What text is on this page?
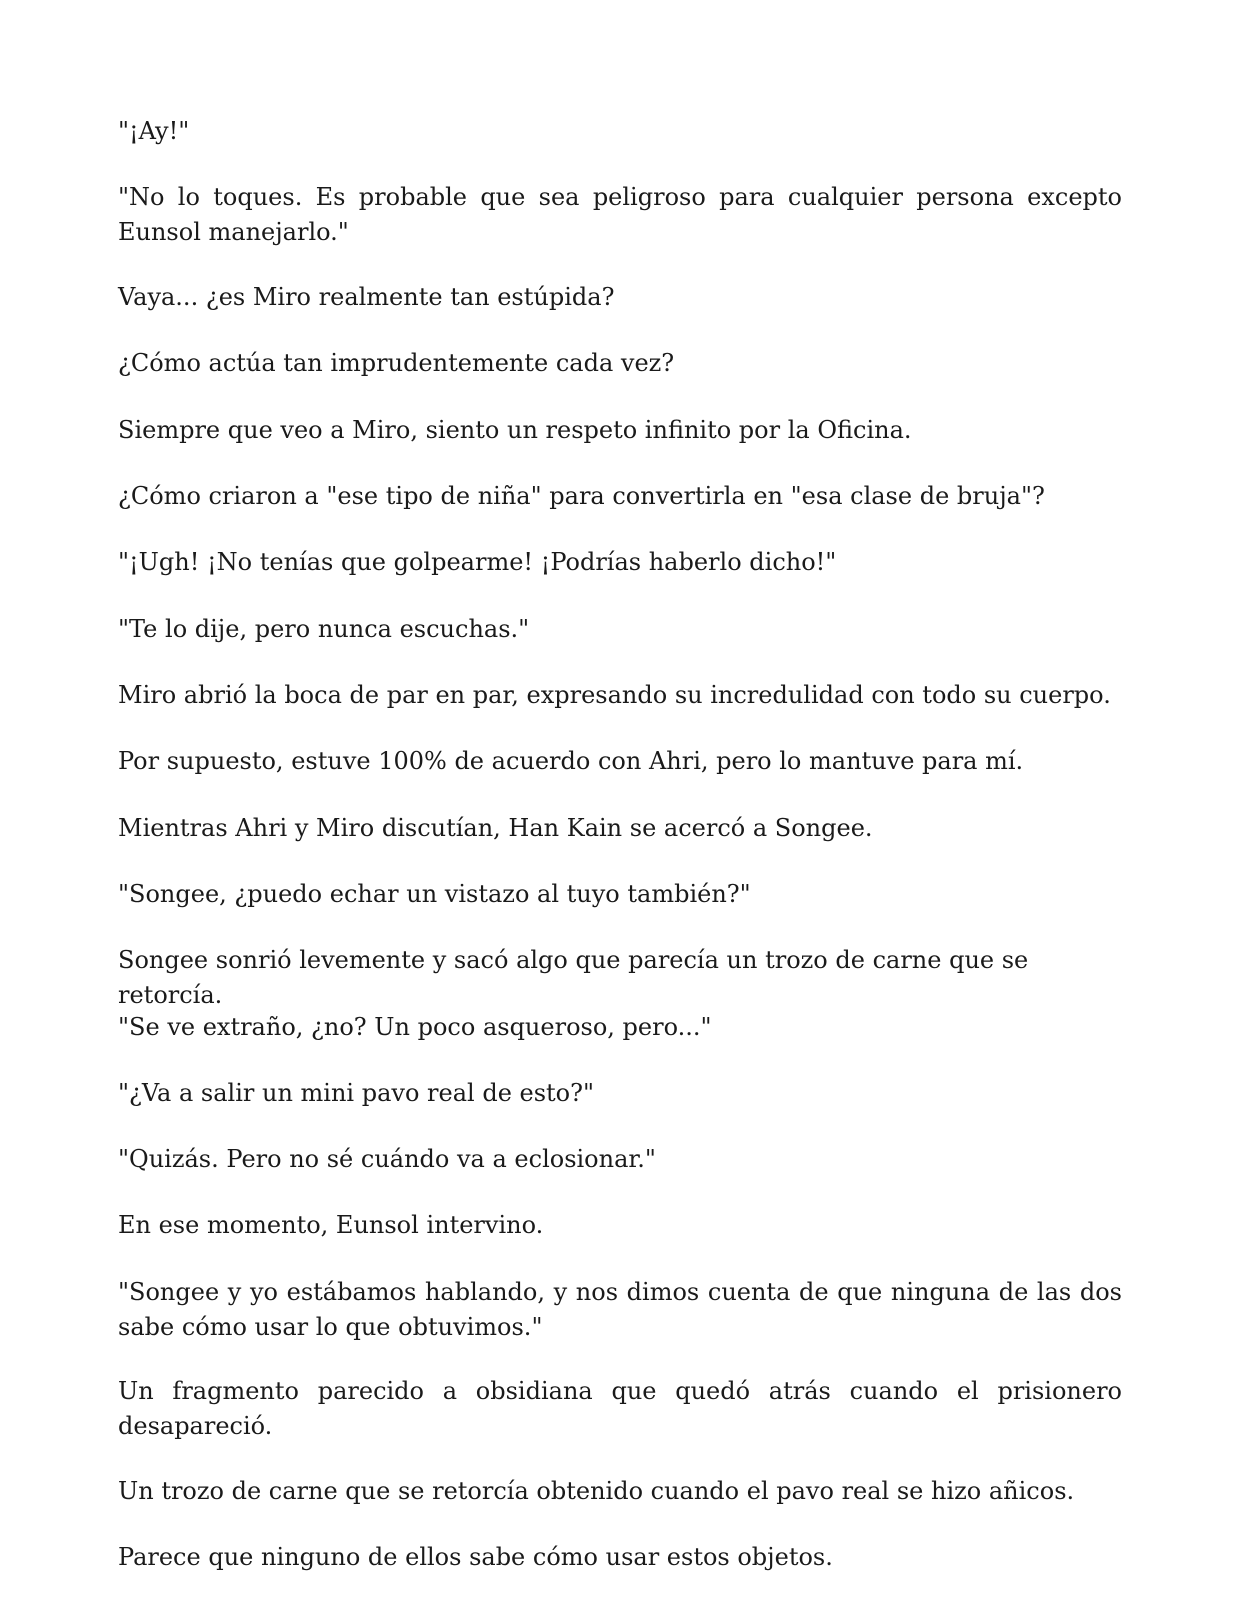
"¡Ay!"

"No lo toques. Es probable que sea peligroso para cualquier persona excepto Eunsol manejarlo."

Vaya... ¿es Miro realmente tan estúpida?

¿Cómo actúa tan imprudentemente cada vez?

Siempre que veo a Miro, siento un respeto infinito por la Oficina.

¿Cómo criaron a "ese tipo de niña" para convertirla en "esa clase de bruja"?

"¡Ugh! ¡No tenías que golpearme! ¡Podrías haberlo dicho!"

"Te lo dije, pero nunca escuchas."

Miro abrió la boca de par en par, expresando su incredulidad con todo su cuerpo.

Por supuesto, estuve 100% de acuerdo con Ahri, pero lo mantuve para mí.

Mientras Ahri y Miro discutían, Han Kain se acercó a Songee.

"Songee, ¿puedo echar un vistazo al tuyo también?"

Songee sonrió levemente y sacó algo que parecía un trozo de carne que se retorcía.

"Se ve extraño, ¿no? Un poco asqueroso, pero..."

"¿Va a salir un mini pavo real de esto?"

"Quizás. Pero no sé cuándo va a eclosionar."

En ese momento, Eunsol intervino.

"Songee y yo estábamos hablando, y nos dimos cuenta de que ninguna de las dos sabe cómo usar lo que obtuvimos."

Un fragmento parecido a obsidiana que quedó atrás cuando el prisionero desapareció.

Un trozo de carne que se retorcía obtenido cuando el pavo real se hizo añicos.

Parece que ninguno de ellos sabe cómo usar estos objetos.
